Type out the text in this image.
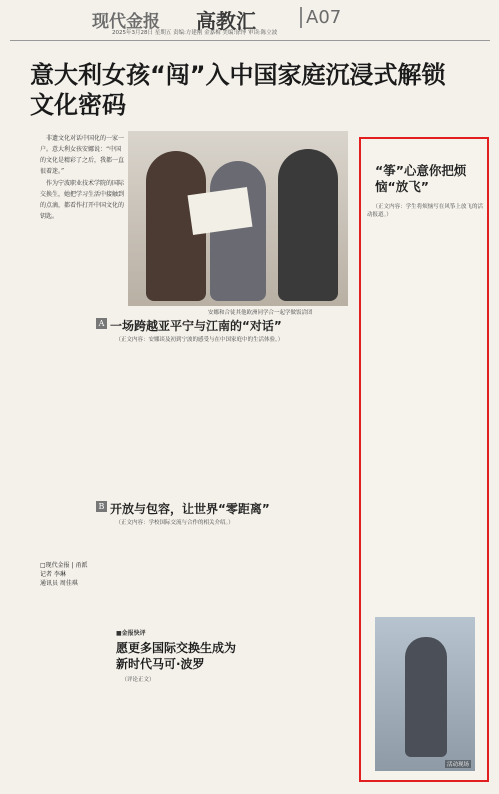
现代金报 高教汇	A07
2025年3月28日 星期五 责编:方建刚 金嘉梅 美编:徐博 审读:陈立波
意大利女孩“闯”入中国家庭沉浸式解锁文化密码

非遗文化对话中国化的一家一户。意大利女孩安娜说：“中国的文化是精彩了之后，我都一直很着迷。”

作为宁波职业技术学院的国际交换生，她把学习生活中接触到的点滴，都看作打开中国文化的钥匙。

□现代金报 | 甬派
记者 李琳
通讯员 周佳琪
安娜和合徒其他欧洲同学合一起学做饭洽团
A 一场跨越亚平宁与江南的“对话”

（正文内容：安娜谈及初到宁波的感受与在中国家庭中的生活体验。）

B 开放与包容，让世界“零距离”

（正文内容：学校国际交流与合作的相关介绍。）

■金报快评
愿更多国际交换生成为新时代马可·波罗

（评论正文）

“筝”心意你把烦恼“放飞”

（正文内容：学生将烦恼写在风筝上放飞的活动报道。）

活动现场
